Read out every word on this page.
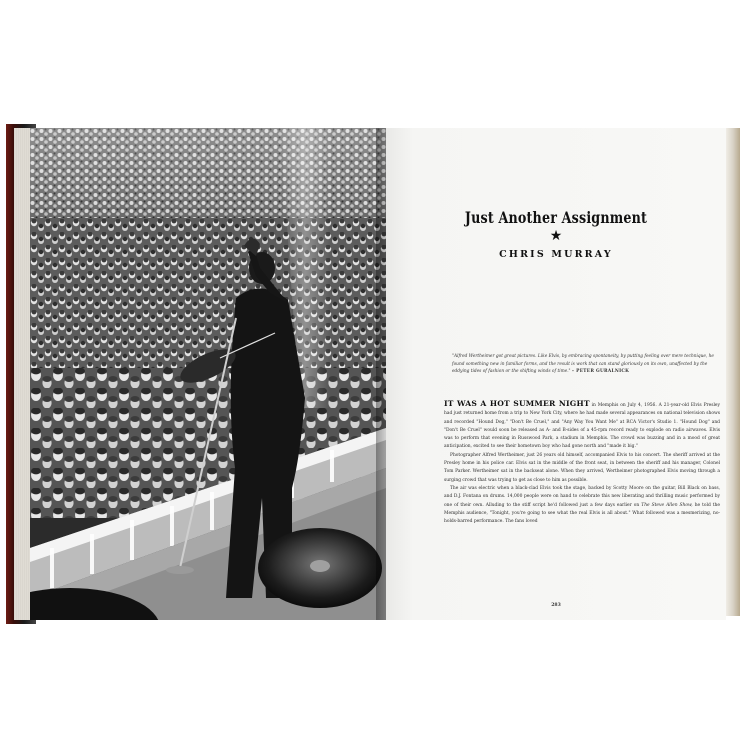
Just Another Assignment
★
CHRIS MURRAY
"Alfred Wertheimer got great pictures. Like Elvis, by embracing spontaneity, by putting feeling over mere technique, he found something new in familiar forms, and the result is work that can stand gloriously on its own, unaffected by the eddying tides of fashion or the shifting winds of time." – PETER GURALNICK

IT WAS A HOT SUMMER NIGHT in Memphis on July 4, 1956. A 21-year-old Elvis Presley had just returned home from a trip to New York City, where he had made several appearances on national television shows and recorded "Hound Dog," "Don't Be Cruel," and "Any Way You Want Me" at RCA Victor's Studio 1. "Hound Dog" and "Don't Be Cruel" would soon be released as A- and B-sides of a 45-rpm record ready to explode on radio airwaves. Elvis was to perform that evening in Russwood Park, a stadium in Memphis. The crowd was buzzing and in a mood of great anticipation, excited to see their hometown boy who had gone north and "made it big."

Photographer Alfred Wertheimer, just 26 years old himself, accompanied Elvis to his concert. The sheriff arrived at the Presley home in his police car. Elvis sat in the middle of the front seat, in between the sheriff and his manager, Colonel Tom Parker. Wertheimer sat in the backseat alone. When they arrived, Wertheimer photographed Elvis moving through a surging crowd that was trying to get as close to him as possible.

The air was electric when a black-clad Elvis took the stage, backed by Scotty Moore on the guitar, Bill Black on bass, and D.J. Fontana on drums. 14,000 people were on hand to celebrate this new liberating and thrilling music performed by one of their own. Alluding to the stiff script he'd followed just a few days earlier on The Steve Allen Show, he told the Memphis audience, "Tonight, you're going to see what the real Elvis is all about." What followed was a mesmerizing, no-holds-barred performance. The fans loved

283
